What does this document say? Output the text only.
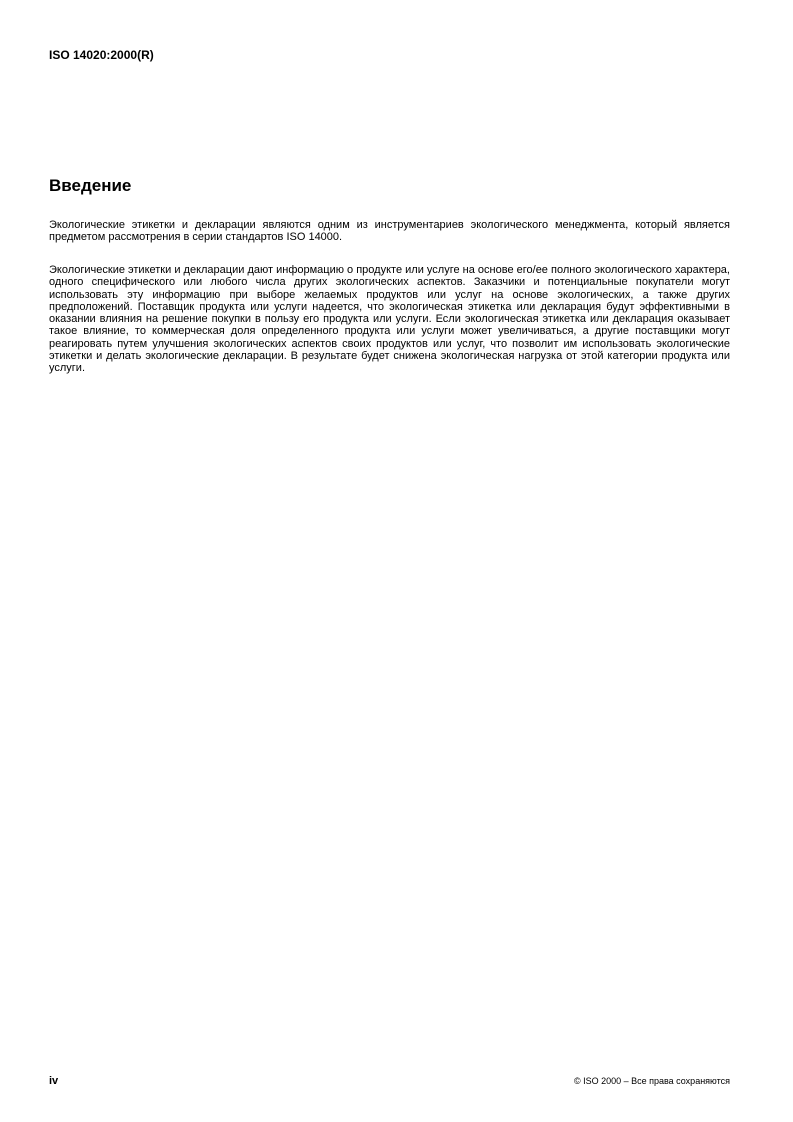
ISO 14020:2000(R)
Введение

Экологические этикетки и декларации являются одним из инструментариев экологического менеджмента, который является предметом рассмотрения в серии стандартов ISO 14000.

Экологические этикетки и декларации дают информацию о продукте или услуге на основе его/ее полного экологического характера, одного специфического или любого числа других экологических аспектов. Заказчики и потенциальные покупатели могут использовать эту информацию при выборе желаемых продуктов или услуг на основе экологических, а также других предположений. Поставщик продукта или услуги надеется, что экологическая этикетка или декларация будут эффективными в оказании влияния на решение покупки в пользу его продукта или услуги. Если экологическая этикетка или декларация оказывает такое влияние, то коммерческая доля определенного продукта или услуги может увеличиваться, а другие поставщики могут реагировать путем улучшения экологических аспектов своих продуктов или услуг, что позволит им использовать экологические этикетки и делать экологические декларации. В результате будет снижена экологическая нагрузка от этой категории продукта или услуги.

iv	© ISO 2000 – Все права сохраняются
